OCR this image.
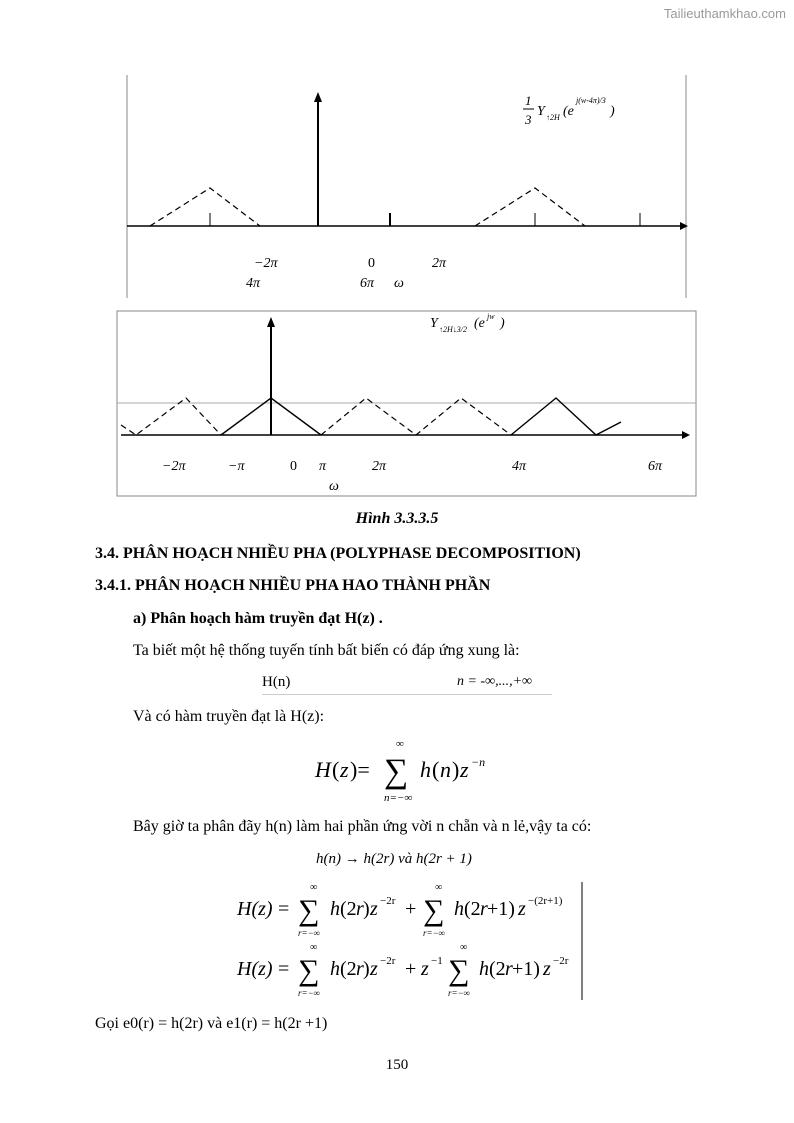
Tailieuthamkhao.com
1
3
Y ↑2H (e
j(w-4π)/3
)
−2π	0	2π
4π	6π ω
Y ↑2H↓3/2 (e jw )
−2π	−π	0 π	2π	4π	6π
ω
Hình 3.3.3.5
3.4. PHÂN HOẠCH NHIỀU PHA (POLYPHASE DECOMPOSITION)
3.4.1. PHÂN HOẠCH NHIỀU PHA HAO THÀNH PHẦN
a) Phân hoạch hàm truyền đạt H(z) .
Ta biết một hệ thống tuyến tính bất biến có đáp ứng xung là:
H(n)	n = -∞,...,+∞
Và có hàm truyền đạt là H(z):
H ( z )= ∑
∞
n=−∞
h ( n ) z −n
Bây giờ ta phân đãy h(n) làm hai phần ứng vời n chẵn và n lẻ,vậy ta có:
h(n) → h(2r) và h(2r + 1)
H(z) = ∑
∞
r=−∞
h (2 r ) z −2r + ∑
∞
r=−∞
h (2 r +1) z −(2r+1)
H(z) = ∑
∞
r=−∞
h (2 r ) z −2r + z −1 ∑
∞
r=−∞
h (2 r +1) z −2r
Gọi e0(r) = h(2r) và e1(r) = h(2r +1)
150
